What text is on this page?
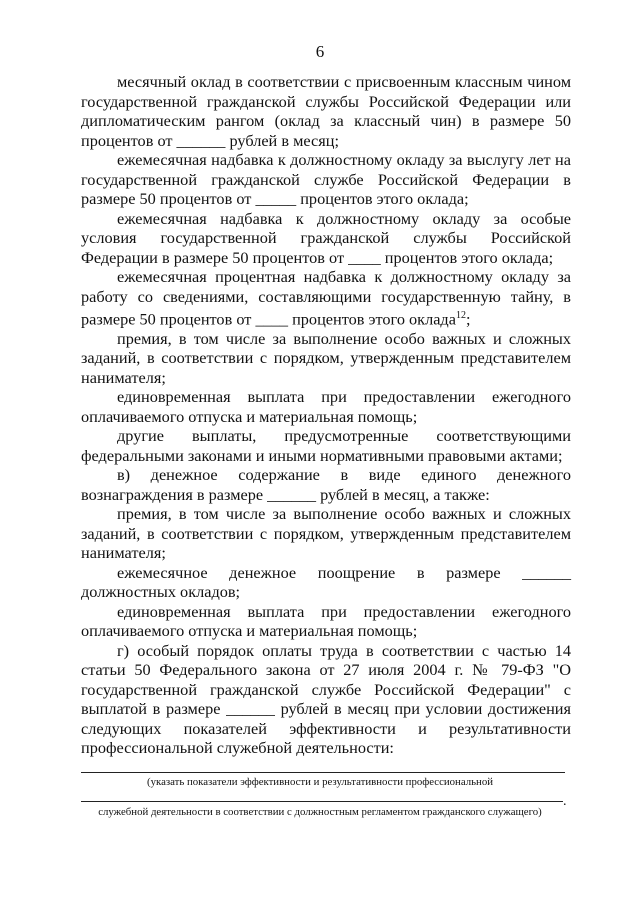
6

месячный оклад в соответствии с присвоенным классным чином государственной гражданской службы Российской Федерации или дипломатическим рангом (оклад за классный чин) в размере 50 процентов от ______ рублей в месяц;

ежемесячная надбавка к должностному окладу за выслугу лет на государственной гражданской службе Российской Федерации в размере 50 процентов от _____ процентов этого оклада;

ежемесячная надбавка к должностному окладу за особые условия государственной гражданской службы Российской Федерации в размере 50 процентов от ____ процентов этого оклада;

ежемесячная процентная надбавка к должностному окладу за работу со сведениями, составляющими государственную тайну, в размере 50 процентов от ____ процентов этого оклада$^{12}$;

премия, в том числе за выполнение особо важных и сложных заданий, в соответствии с порядком, утвержденным представителем нанимателя;

единовременная выплата при предоставлении ежегодного оплачиваемого отпуска и материальная помощь;

другие выплаты, предусмотренные соответствующими федеральными законами и иными нормативными правовыми актами;

в) денежное содержание в виде единого денежного вознаграждения в размере ______ рублей в месяц, а также:

премия, в том числе за выполнение особо важных и сложных заданий, в соответствии с порядком, утвержденным представителем нанимателя;

ежемесячное денежное поощрение в размере ______ должностных окладов;

единовременная выплата при предоставлении ежегодного оплачиваемого отпуска и материальная помощь;

г) особый порядок оплаты труда в соответствии с частью 14 статьи 50 Федерального закона от 27 июля 2004 г. № 79-ФЗ "О государственной гражданской службе Российской Федерации" с выплатой в размере ______ рублей в месяц при условии достижения следующих показателей эффективности и результативности профессиональной служебной деятельности:

(указать показатели эффективности и результативности профессиональной
.
служебной деятельности в соответствии с должностным регламентом гражданского служащего)
